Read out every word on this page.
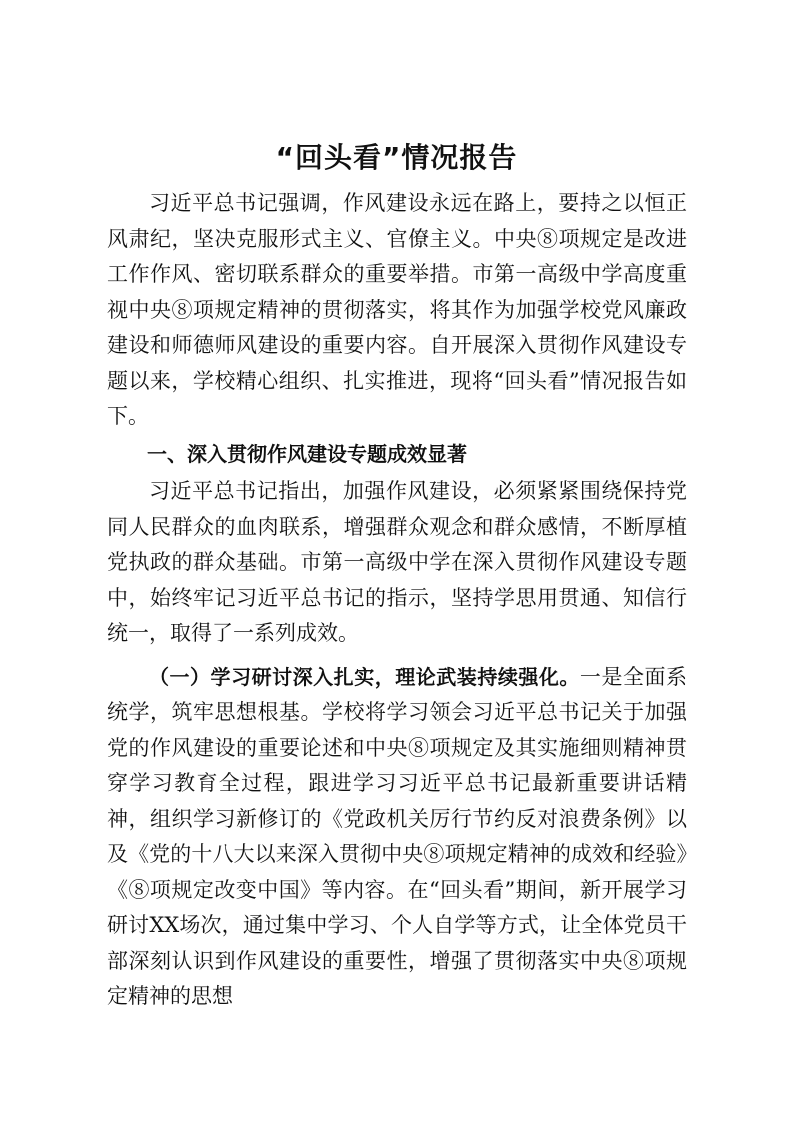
“回头看”情况报告

习近平总书记强调，作风建设永远在路上，要持之以恒正风肃纪，坚决克服形式主义、官僚主义。中央⑧项规定是改进工作作风、密切联系群众的重要举措。市第一高级中学高度重视中央⑧项规定精神的贯彻落实，将其作为加强学校党风廉政建设和师德师风建设的重要内容。自开展深入贯彻作风建设专题以来，学校精心组织、扎实推进，现将“回头看”情况报告如下。

一、深入贯彻作风建设专题成效显著

习近平总书记指出，加强作风建设，必须紧紧围绕保持党同人民群众的血肉联系，增强群众观念和群众感情，不断厚植党执政的群众基础。市第一高级中学在深入贯彻作风建设专题中，始终牢记习近平总书记的指示，坚持学思用贯通、知信行统一，取得了一系列成效。

（一）学习研讨深入扎实，理论武装持续强化。一是全面系统学，筑牢思想根基。学校将学习领会习近平总书记关于加强党的作风建设的重要论述和中央⑧项规定及其实施细则精神贯穿学习教育全过程，跟进学习习近平总书记最新重要讲话精神，组织学习新修订的《党政机关厉行节约反对浪费条例》以及《党的十八大以来深入贯彻中央⑧项规定精神的成效和经验》《⑧项规定改变中国》等内容。在“回头看”期间，新开展学习研讨XX场次，通过集中学习、个人自学等方式，让全体党员干部深刻认识到作风建设的重要性，增强了贯彻落实中央⑧项规定精神的思想
